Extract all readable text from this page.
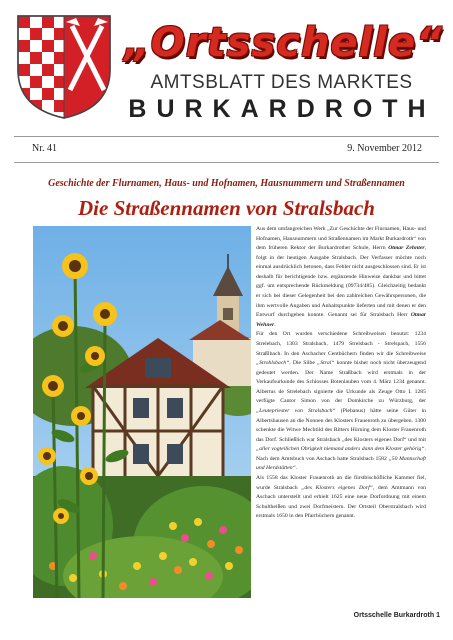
„Ortsschelle“
AMTSBLATT DES MARKTES
BURKARDROTH
Nr. 41	9. November 2012
Geschichte der Flurnamen, Haus- und Hofnamen, Hausnummern und Straßennamen
Die Straßennamen von Stralsbach

Aus dem umfangreichen Werk „Zur Geschichte der Flurnamen, Haus- und Hofnamen, Hausnummern und Straßennamen im Markt Burkardroth“ von dem früheren Rektor der Burkardrother Schule, Herrn Otmar Zehnter, folgt in der heutigen Ausgabe Stralsbach. Der Verfasser möchte noch einmal ausdrücklich betonen, dass Fehler nicht ausgeschlossen sind. Er ist deshalb für berichtigende bzw. ergänzende Hinweise dankbar und bittet ggf. um entsprechende Rückmeldung (09734/485). Gleichzeitig bedankt er sich bei dieser Gelegenheit bei den zahlreichen Gewährspersonen, die ihm wertvolle Angaben und Anhaltspunkte lieferten und mit denen er den Entwurf durchgehen konnte. Genannt sei für Stralsbach Herr Otmar Wehner.

Für den Ort wurden verschiedene Schreibweisen benutzt: 1234 Strelebach, 1303 Stralsbach, 1479 Strelsbach - Strelspach, 1556 Straßlbach. In den Aschacher Centbüchern finden wir die Schreibweise „Strohlsbach“. Die Silbe „Stral“ konnte bisher noch nicht überzeugend gedeutet werden. Der Name Straßbach wird erstmals in der Verkaufsurkunde des Schlosses Botenlauben vom 4. März 1234 genannt. Albertus de Strelebach signierte die Urkunde als Zeuge Otto I. 1285 verfügte Cantor Simon von der Domkirche zu Würzburg, der „Leutepriester von Stralsbach“ (Plebanus) hätte seine Güter in Albertshausen an die Nonnen des Klosters Frauenroth zu übergeben. 1300 schenkte die Witwe Mechtild des Ritters Hürning dem Kloster Frauenroth das Dorf. Schließlich war Stralsbach „des Klosters eigenes Dorf“ und mit „aller vogteilichen Obrigkeit niemand anders dann dem Kloster gehörig“. Nach dem Amtsbuch von Aschach hatte Stralsbach 1582 „50 Mannschaft und Herdstätten“.

Als 1558 das Kloster Frauenroth an die fürstbischöfliche Kammer fiel, wurde Stralsbach „des Klosters eigenes Dorf“, dem Amtmann von Aschach unterstellt und erhielt 1625 eine neue Dorfordnung mit einem Schultheißen und zwei Dorfmeistern. Der Ortsteil Oberstralsbach wird erstmals 1650 in den Pfarrbüchern genannt.

Ortsschelle Burkardroth 1
